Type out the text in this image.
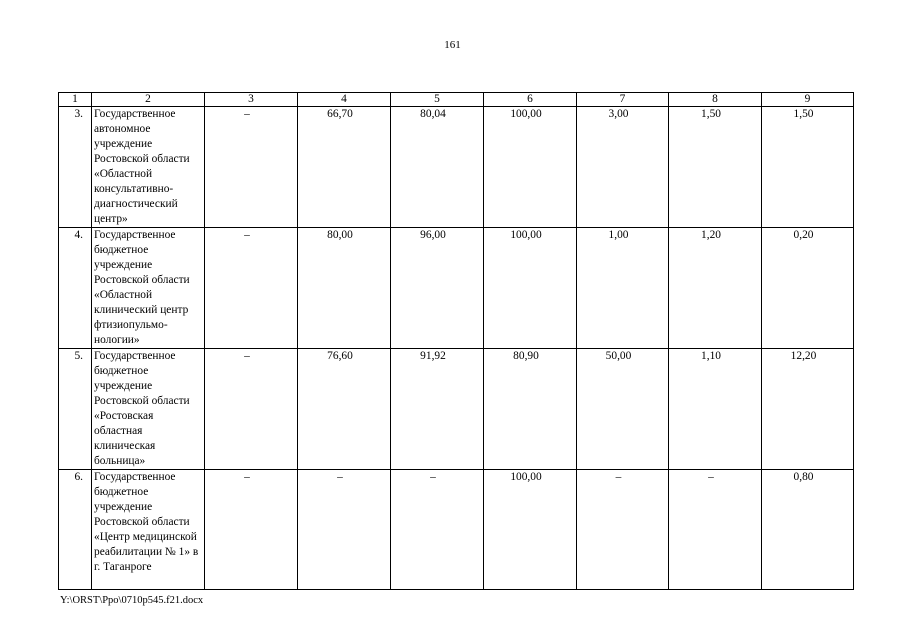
161
1	2	3	4	5	6	7	8	9
3.	Государственное автономное учреждение Ростовской области «Областной консультативно-диагностический центр»	–	66,70	80,04	100,00	3,00	1,50	1,50
4.	Государственное бюджетное учреждение Ростовской области «Областной клинический центр фтизиопульмо-нологии»	–	80,00	96,00	100,00	1,00	1,20	0,20
5.	Государственное бюджетное учреждение Ростовской области «Ростовская областная клиническая больница»	–	76,60	91,92	80,90	50,00	1,10	12,20
6.	Государственное бюджетное учреждение Ростовской области «Центр медицинской реабилитации № 1» в г. Таганроге	–	–	–	100,00	–	–	0,80
Y:\ORST\Ppo\0710p545.f21.docx
